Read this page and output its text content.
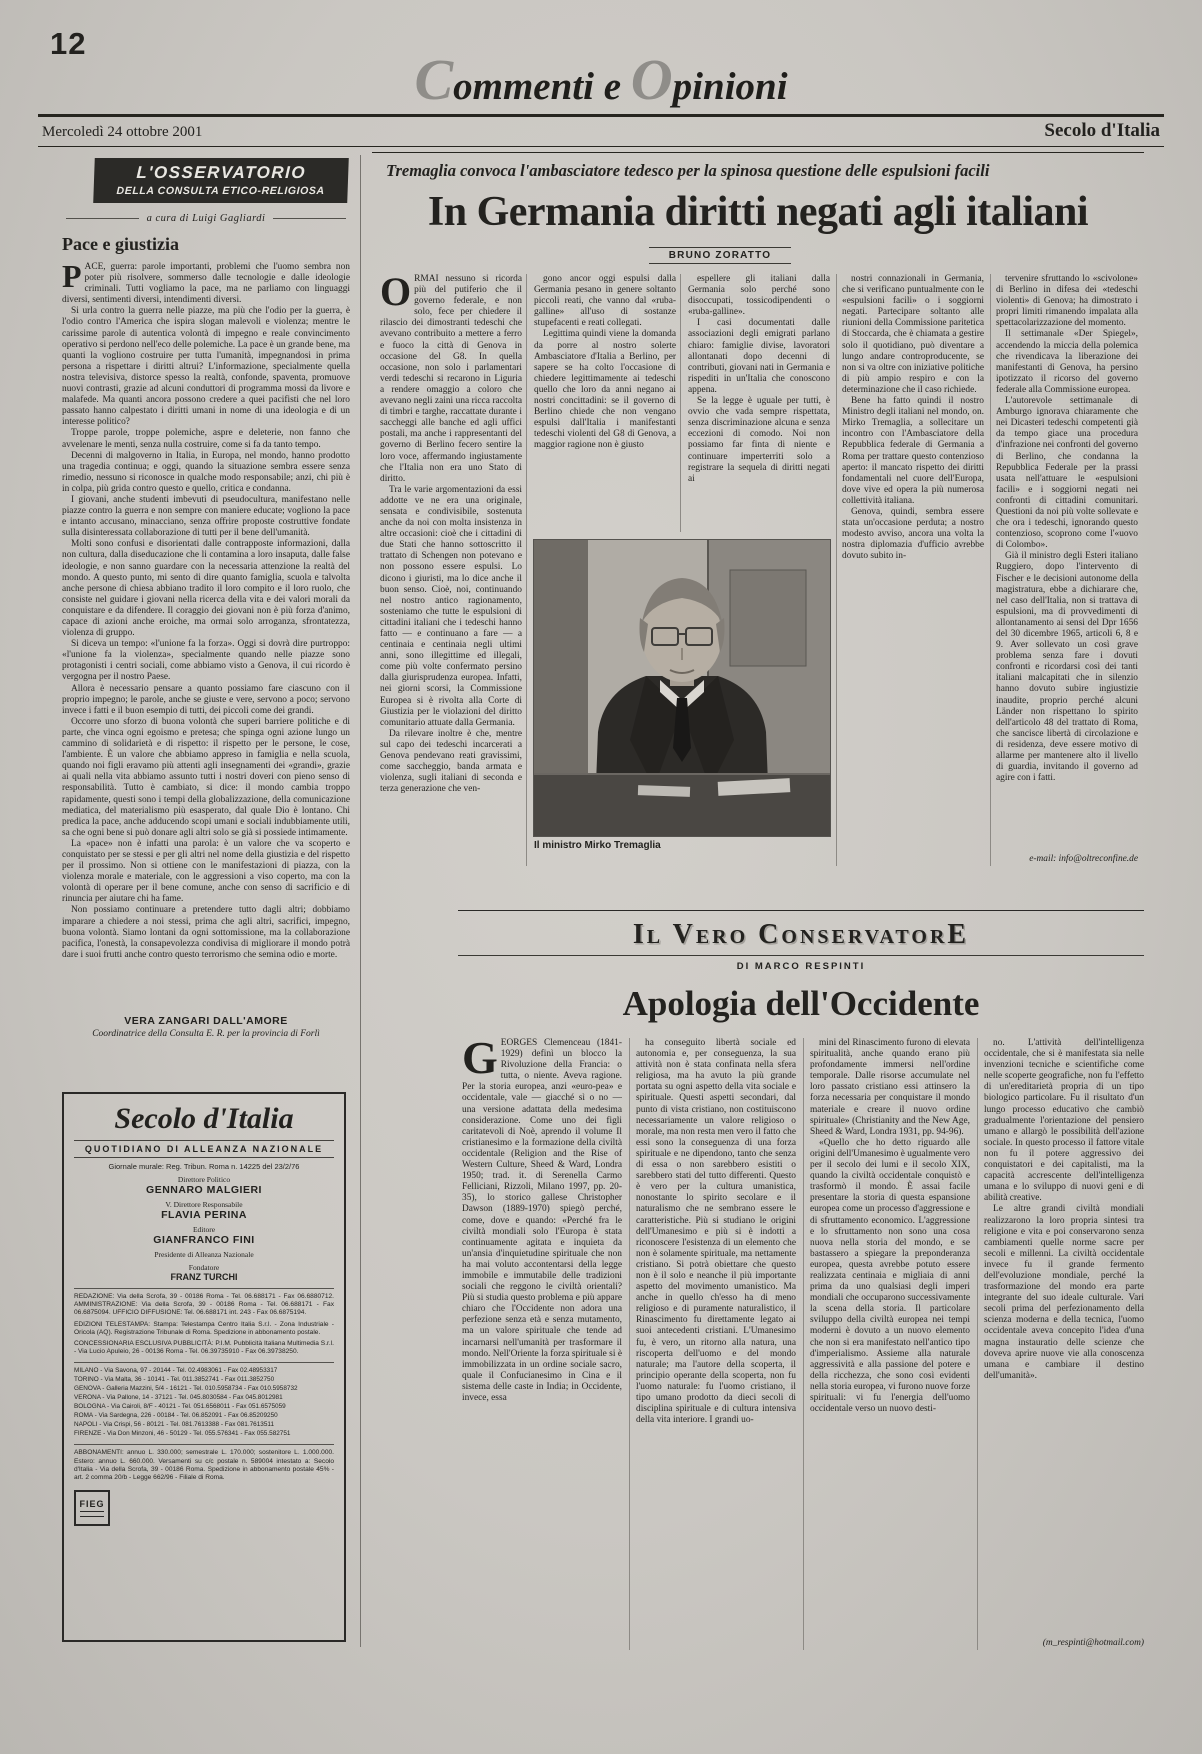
12
Commenti e Opinioni
Mercoledì 24 ottobre 2001	Secolo d'Italia
L'OSSERVATORIO
DELLA CONSULTA ETICO-RELIGIOSA
a cura di Luigi Gagliardi
Pace e giustizia

PACE, guerra: parole importanti, problemi che l'uomo sembra non poter più risolvere, sommerso dalle tecnologie e dalle ideologie criminali. Tutti vogliamo la pace, ma ne parliamo con linguaggi diversi, sentimenti diversi, intendimenti diversi.

Si urla contro la guerra nelle piazze, ma più che l'odio per la guerra, è l'odio contro l'America che ispira slogan malevoli e violenza; mentre le carissime parole di autentica volontà di impegno e reale convincimento operativo si perdono nell'eco delle polemiche. La pace è un grande bene, ma quanti la vogliono costruire per tutta l'umanità, impegnandosi in prima persona a rispettare i diritti altrui? L'informazione, specialmente quella nostra televisiva, distorce spesso la realtà, confonde, spaventa, promuove nuovi contrasti, grazie ad alcuni conduttori di programma mossi da livore e malafede. Ma quanti ancora possono credere a quei pacifisti che nel loro passato hanno calpestato i diritti umani in nome di una ideologia e di un interesse politico?

Troppe parole, troppe polemiche, aspre e deleterie, non fanno che avvelenare le menti, senza nulla costruire, come si fa da tanto tempo.

Decenni di malgoverno in Italia, in Europa, nel mondo, hanno prodotto una tragedia continua; e oggi, quando la situazione sembra essere senza rimedio, nessuno si riconosce in qualche modo responsabile; anzi, chi più è in colpa, più grida contro questo e quello, critica e condanna.

I giovani, anche studenti imbevuti di pseudocultura, manifestano nelle piazze contro la guerra e non sempre con maniere educate; vogliono la pace e intanto accusano, minacciano, senza offrire proposte costruttive fondate sulla disinteressata collaborazione di tutti per il bene dell'umanità.

Molti sono confusi e disorientati dalle contrapposte informazioni, dalla non cultura, dalla diseducazione che li contamina a loro insaputa, dalle false ideologie, e non sanno guardare con la necessaria attenzione la realtà del mondo. A questo punto, mi sento di dire quanto famiglia, scuola e talvolta anche persone di chiesa abbiano tradito il loro compito e il loro ruolo, che consiste nel guidare i giovani nella ricerca della vita e dei valori morali da conquistare e da difendere. Il coraggio dei giovani non è più forza d'animo, capace di azioni anche eroiche, ma ormai solo arroganza, sfrontatezza, violenza di gruppo.

Si diceva un tempo: «l'unione fa la forza». Oggi si dovrà dire purtroppo: «l'unione fa la violenza», specialmente quando nelle piazze sono protagonisti i centri sociali, come abbiamo visto a Genova, il cui ricordo è vergogna per il nostro Paese.

Allora è necessario pensare a quanto possiamo fare ciascuno con il proprio impegno; le parole, anche se giuste e vere, servono a poco; servono invece i fatti e il buon esempio di tutti, dei piccoli come dei grandi.

Occorre uno sforzo di buona volontà che superi barriere politiche e di parte, che vinca ogni egoismo e pretesa; che spinga ogni azione lungo un cammino di solidarietà e di rispetto: il rispetto per le persone, le cose, l'ambiente. È un valore che abbiamo appreso in famiglia e nella scuola, quando noi figli eravamo più attenti agli insegnamenti dei «grandi», grazie ai quali nella vita abbiamo assunto tutti i nostri doveri con pieno senso di responsabilità. Tutto è cambiato, si dice: il mondo cambia troppo rapidamente, questi sono i tempi della globalizzazione, della comunicazione mediatica, del materialismo più esasperato, dal quale Dio è lontano. Chi predica la pace, anche adducendo scopi umani e sociali indubbiamente utili, sa che ogni bene si può donare agli altri solo se già si possiede intimamente.

La «pace» non è infatti una parola: è un valore che va scoperto e conquistato per se stessi e per gli altri nel nome della giustizia e del rispetto per il prossimo. Non si ottiene con le manifestazioni di piazza, con la violenza morale e materiale, con le aggressioni a viso coperto, ma con la volontà di operare per il bene comune, anche con senso di sacrificio e di rinuncia per aiutare chi ha fame.

Non possiamo continuare a pretendere tutto dagli altri; dobbiamo imparare a chiedere a noi stessi, prima che agli altri, sacrifici, impegno, buona volontà. Siamo lontani da ogni sottomissione, ma la collaborazione pacifica, l'onestà, la consapevolezza condivisa di migliorare il mondo potrà dare i suoi frutti anche contro questo terrorismo che semina odio e morte.

VERA ZANGARI DALL'AMORE
Coordinatrice della Consulta E. R. per la provincia di Forlì

Tremaglia convoca l'ambasciatore tedesco per la spinosa questione delle espulsioni facili

In Germania diritti negati agli italiani
BRUNO ZORATTO

ORMAI nessuno si ricorda più del putiferio che il governo federale, e non solo, fece per chiedere il rilascio dei dimostranti tedeschi che avevano contribuito a mettere a ferro e fuoco la città di Genova in occasione del G8. In quella occasione, non solo i parlamentari verdi tedeschi si recarono in Liguria a rendere omaggio a coloro che avevano negli zaini una ricca raccolta di timbri e targhe, raccattate durante i saccheggi alle banche ed agli uffici postali, ma anche i rappresentanti del governo di Berlino fecero sentire la loro voce, affermando ingiustamente che l'Italia non era uno Stato di diritto.

Tra le varie argomentazioni da essi addotte ve ne era una originale, sensata e condivisibile, sostenuta anche da noi con molta insistenza in altre occasioni: cioè che i cittadini di due Stati che hanno sottoscritto il trattato di Schengen non potevano e non possono essere espulsi. Lo dicono i giuristi, ma lo dice anche il buon senso. Cioè, noi, continuando nel nostro antico ragionamento, sosteniamo che tutte le espulsioni di cittadini italiani che i tedeschi hanno fatto — e continuano a fare — a centinaia e centinaia negli ultimi anni, sono illegittime ed illegali, come più volte confermato persino dalla giurisprudenza europea. Infatti, nei giorni scorsi, la Commissione Europea si è rivolta alla Corte di Giustizia per le violazioni del diritto comunitario attuate dalla Germania.

Da rilevare inoltre è che, mentre sul capo dei tedeschi incarcerati a Genova pendevano reati gravissimi, come saccheggio, banda armata e violenza, sugli italiani di seconda e terza generazione che ven-

gono ancor oggi espulsi dalla Germania pesano in genere soltanto piccoli reati, che vanno dal «ruba-galline» all'uso di sostanze stupefacenti e reati collegati.

Legittima quindi viene la domanda da porre al nostro solerte Ambasciatore d'Italia a Berlino, per sapere se ha colto l'occasione di chiedere legittimamente ai tedeschi quello che loro da anni negano ai nostri concittadini: se il governo di Berlino chiede che non vengano espulsi dall'Italia i manifestanti tedeschi violenti del G8 di Genova, a maggior ragione non è giusto

espellere gli italiani dalla Germania solo perché sono disoccupati, tossicodipendenti o «ruba-galline».

I casi documentati dalle associazioni degli emigrati parlano chiaro: famiglie divise, lavoratori allontanati dopo decenni di contributi, giovani nati in Germania e rispediti in un'Italia che conoscono appena.

Se la legge è uguale per tutti, è ovvio che vada sempre rispettata, senza discriminazione alcuna e senza eccezioni di comodo. Noi non possiamo far finta di niente e continuare imperterriti solo a registrare la sequela di diritti negati ai

nostri connazionali in Germania, che si verificano puntualmente con le «espulsioni facili» o i soggiorni negati. Partecipare soltanto alle riunioni della Commissione paritetica di Stoccarda, che è chiamata a gestire solo il quotidiano, può diventare a lungo andare controproducente, se non si va oltre con iniziative politiche di più ampio respiro e con la determinazione che il caso richiede.

Bene ha fatto quindi il nostro Ministro degli italiani nel mondo, on. Mirko Tremaglia, a sollecitare un incontro con l'Ambasciatore della Repubblica federale di Germania a Roma per trattare questo contenzioso aperto: il mancato rispetto dei diritti fondamentali nel cuore dell'Europa, dove vive ed opera la più numerosa collettività italiana.

Genova, quindi, sembra essere stata un'occasione perduta; a nostro modesto avviso, ancora una volta la nostra diplomazia d'ufficio avrebbe dovuto subito in-

tervenire sfruttando lo «scivolone» di Berlino in difesa dei «tedeschi violenti» di Genova; ha dimostrato i propri limiti rimanendo impalata alla spettacolarizzazione del momento.

Il settimanale «Der Spiegel», accendendo la miccia della polemica che rivendicava la liberazione dei manifestanti di Genova, ha persino ipotizzato il ricorso del governo federale alla Commissione europea.

L'autorevole settimanale di Amburgo ignorava chiaramente che nei Dicasteri tedeschi competenti già da tempo giace una procedura d'infrazione nei confronti del governo di Berlino, che condanna la Repubblica Federale per la prassi usata nell'attuare le «espulsioni facili» e i soggiorni negati nei confronti di cittadini comunitari. Questioni da noi più volte sollevate e che ora i tedeschi, ignorando questo contenzioso, scoprono come l'«uovo di Colombo».

Già il ministro degli Esteri italiano Ruggiero, dopo l'intervento di Fischer e le decisioni autonome della magistratura, ebbe a dichiarare che, nel caso dell'Italia, non si trattava di espulsioni, ma di provvedimenti di allontanamento ai sensi del Dpr 1656 del 30 dicembre 1965, articoli 6, 8 e 9. Aver sollevato un così grave problema senza fare i dovuti confronti e ricordarsi così dei tanti italiani malcapitati che in silenzio hanno dovuto subire ingiustizie inaudite, proprio perché alcuni Länder non rispettano lo spirito dell'articolo 48 del trattato di Roma, che sancisce libertà di circolazione e di residenza, deve essere motivo di allarme per mantenere alto il livello di guardia, invitando il governo ad agire con i fatti.

e-mail: info@oltreconfine.de

Il ministro Mirko Tremaglia
Il Vero ConservatorE
DI MARCO RESPINTI
Apologia dell'Occidente

GEORGES Clemenceau (1841-1929) definì un blocco la Rivoluzione della Francia: o tutta, o niente. Aveva ragione. Per la storia europea, anzi «euro-pea» e occidentale, vale — giacché sì o no — una versione adattata della medesima considerazione. Come uno dei figli caritatevoli di Noè, aprendo il volume Il cristianesimo e la formazione della civiltà occidentale (Religion and the Rise of Western Culture, Sheed & Ward, Londra 1950; trad. it. di Serenella Carmo Felliciani, Rizzoli, Milano 1997, pp. 20-35), lo storico gallese Christopher Dawson (1889-1970) spiegò perché, come, dove e quando: «Perché fra le civiltà mondiali solo l'Europa è stata continuamente agitata e inquieta da un'ansia d'inquietudine spirituale che non ha mai voluto accontentarsi della legge immobile e immutabile delle tradizioni sociali che reggono le civiltà orientali? Più si studia questo problema e più appare chiaro che l'Occidente non adora una perfezione senza età e senza mutamento, ma un valore spirituale che tende ad incarnarsi nell'umanità per trasformare il mondo. Nell'Oriente la forza spirituale si è immobilizzata in un ordine sociale sacro, quale il Confucianesimo in Cina e il sistema delle caste in India; in Occidente, invece, essa

ha conseguito libertà sociale ed autonomia e, per conseguenza, la sua attività non è stata confinata nella sfera religiosa, ma ha avuto la più grande portata su ogni aspetto della vita sociale e spirituale. Questi aspetti secondari, dal punto di vista cristiano, non costituiscono necessariamente un valore religioso o morale, ma non resta men vero il fatto che essi sono la conseguenza di una forza spirituale e ne dipendono, tanto che senza di essa o non sarebbero esistiti o sarebbero stati del tutto differenti. Questo è vero per la cultura umanistica, nonostante lo spirito secolare e il naturalismo che ne sembrano essere le caratteristiche. Più si studiano le origini dell'Umanesimo e più si è indotti a riconoscere l'esistenza di un elemento che non è solamente spirituale, ma nettamente cristiano. Si potrà obiettare che questo non è il solo e neanche il più importante aspetto del movimento umanistico. Ma anche in quello ch'esso ha di meno religioso e di puramente naturalistico, il Rinascimento fu direttamente legato ai suoi antecedenti cristiani. L'Umanesimo fu, è vero, un ritorno alla natura, una riscoperta dell'uomo e del mondo naturale; ma l'autore della scoperta, il principio operante della scoperta, non fu l'uomo naturale: fu l'uomo cristiano, il tipo umano prodotto da dieci secoli di disciplina spirituale e di cultura intensiva della vita interiore. I grandi uo-

mini del Rinascimento furono di elevata spiritualità, anche quando erano più profondamente immersi nell'ordine temporale. Dalle risorse accumulate nel loro passato cristiano essi attinsero la forza necessaria per conquistare il mondo materiale e creare il nuovo ordine spirituale» (Christianity and the New Age, Sheed & Ward, Londra 1931, pp. 94-96).

«Quello che ho detto riguardo alle origini dell'Umanesimo è ugualmente vero per il secolo dei lumi e il secolo XIX, quando la civiltà occidentale conquistò e trasformò il mondo. È assai facile presentare la storia di questa espansione europea come un processo d'aggressione e di sfruttamento economico. L'aggressione e lo sfruttamento non sono una cosa nuova nella storia del mondo, e se bastassero a spiegare la preponderanza europea, questa avrebbe potuto essere realizzata centinaia e migliaia di anni prima da uno qualsiasi degli imperi mondiali che occuparono successivamente la scena della storia. Il particolare sviluppo della civiltà europea nei tempi moderni è dovuto a un nuovo elemento che non si era manifestato nell'antico tipo d'imperialismo. Assieme alla naturale aggressività e alla passione del potere e della ricchezza, che sono così evidenti nella storia europea, vi furono nuove forze spirituali: vi fu l'energia dell'uomo occidentale verso un nuovo desti-

no. L'attività dell'intelligenza occidentale, che si è manifestata sia nelle invenzioni tecniche e scientifiche come nelle scoperte geografiche, non fu l'effetto di un'ereditarietà propria di un tipo biologico particolare. Fu il risultato d'un lungo processo educativo che cambiò gradualmente l'orientazione del pensiero umano e allargò le possibilità dell'azione sociale. In questo processo il fattore vitale non fu il potere aggressivo dei conquistatori e dei capitalisti, ma la capacità accrescente dell'intelligenza umana e lo sviluppo di nuovi geni e di abilità creative.

Le altre grandi civiltà mondiali realizzarono la loro propria sintesi tra religione e vita e poi conservarono senza cambiamenti quelle norme sacre per secoli e millenni. La civiltà occidentale invece fu il grande fermento dell'evoluzione mondiale, perché la trasformazione del mondo era parte integrante del suo ideale culturale. Vari secoli prima del perfezionamento della scienza moderna e della tecnica, l'uomo occidentale aveva concepito l'idea d'una magna instauratio delle scienze che doveva aprire nuove vie alla conoscenza umana e cambiare il destino dell'umanità».

(m_respinti@hotmail.com)

Secolo d'Italia
QUOTIDIANO DI ALLEANZA NAZIONALE
Giornale murale: Reg. Tribun. Roma n. 14225 del 23/2/76
Direttore Politico
GENNARO MALGIERI
V. Direttore Responsabile
FLAVIA PERINA
Editore
GIANFRANCO FINI
Presidente di Alleanza Nazionale
Fondatore
FRANZ TURCHI

REDAZIONE: Via della Scrofa, 39 - 00186 Roma - Tel. 06.688171 - Fax 06.6880712. AMMINISTRAZIONE: Via della Scrofa, 39 - 00186 Roma - Tel. 06.688171 - Fax 06.6875094. UFFICIO DIFFUSIONE: Tel. 06.688171 int. 243 - Fax 06.6875194.

EDIZIONI TELESTAMPA: Stampa: Telestampa Centro Italia S.r.l. - Zona Industriale - Oricola (AQ). Registrazione Tribunale di Roma. Spedizione in abbonamento postale.

CONCESSIONARIA ESCLUSIVA PUBBLICITÀ: P.I.M. Pubblicità Italiana Multimedia S.r.l. - Via Lucio Apuleio, 26 - 00136 Roma - Tel. 06.39735910 - Fax 06.39738250.

MILANO - Via Savona, 97 - 20144 - Tel. 02.4983061 - Fax 02.48953317

TORINO - Via Malta, 36 - 10141 - Tel. 011.3852741 - Fax 011.3852750

GENOVA - Galleria Mazzini, 5/4 - 16121 - Tel. 010.5958734 - Fax 010.5958732

VERONA - Via Pallone, 14 - 37121 - Tel. 045.8030584 - Fax 045.8012981

BOLOGNA - Via Cairoli, 8/F - 40121 - Tel. 051.6568011 - Fax 051.6575059

ROMA - Via Sardegna, 226 - 00184 - Tel. 06.852091 - Fax 06.85209250

NAPOLI - Via Crispi, 56 - 80121 - Tel. 081.7613388 - Fax 081.7613511

FIRENZE - Via Don Minzoni, 46 - 50129 - Tel. 055.576341 - Fax 055.582751

ABBONAMENTI: annuo L. 330.000; semestrale L. 170.000; sostenitore L. 1.000.000. Estero: annuo L. 660.000. Versamenti su c/c postale n. 589004 intestato a: Secolo d'Italia - Via della Scrofa, 39 - 00186 Roma. Spedizione in abbonamento postale 45% - art. 2 comma 20/b - Legge 662/96 - Filiale di Roma.

FIEG
